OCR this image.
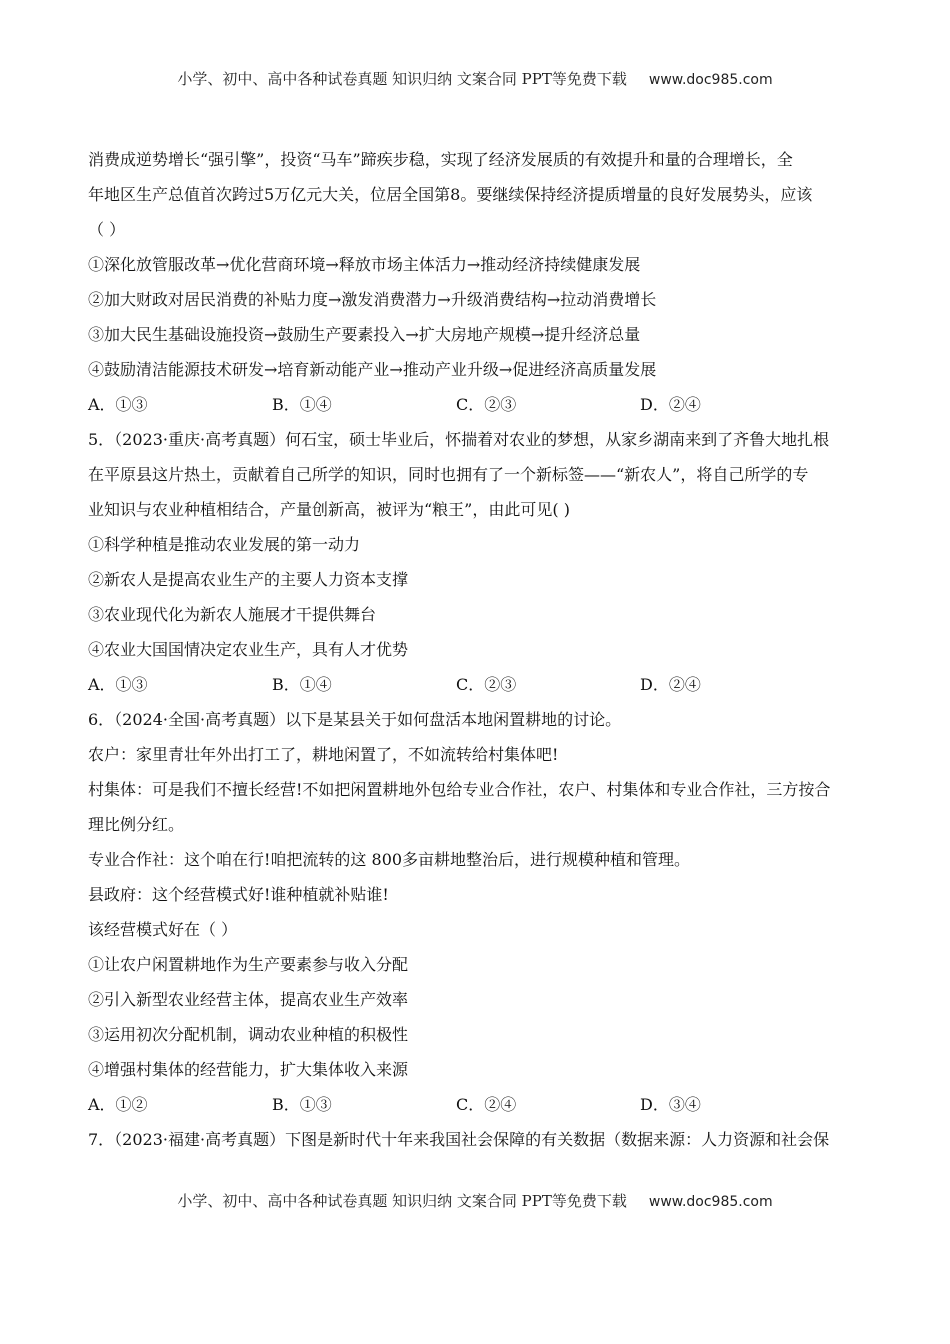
小学、初中、高中各种试卷真题 知识归纳 文案合同 PPT等免费下载 www.doc985.com
消费成逆势增长“强引擎”，投资“马车”蹄疾步稳，实现了经济发展质的有效提升和量的合理增长，全
年地区生产总值首次跨过5万亿元大关，位居全国第8。要继续保持经济提质增量的良好发展势头，应该
（ ）
①深化放管服改革→优化营商环境→释放市场主体活力→推动经济持续健康发展
②加大财政对居民消费的补贴力度→激发消费潜力→升级消费结构→拉动消费增长
③加大民生基础设施投资→鼓励生产要素投入→扩大房地产规模→提升经济总量
④鼓励清洁能源技术研发→培育新动能产业→推动产业升级→促进经济高质量发展
A．①③	B．①④	C．②③	D．②④
5．（2023·重庆·高考真题）何石宝，硕士毕业后，怀揣着对农业的梦想，从家乡湖南来到了齐鲁大地扎根
在平原县这片热土，贡献着自己所学的知识，同时也拥有了一个新标签——“新农人”，将自己所学的专
业知识与农业种植相结合，产量创新高，被评为“粮王”，由此可见( )
①科学种植是推动农业发展的第一动力
②新农人是提高农业生产的主要人力资本支撑
③农业现代化为新农人施展才干提供舞台
④农业大国国情决定农业生产，具有人才优势
A．①③	B．①④	C．②③	D．②④
6．（2024·全国·高考真题）以下是某县关于如何盘活本地闲置耕地的讨论。
农户：家里青壮年外出打工了，耕地闲置了，不如流转给村集体吧!
村集体：可是我们不擅长经营!不如把闲置耕地外包给专业合作社，农户、村集体和专业合作社，三方按合
理比例分红。
专业合作社：这个咱在行!咱把流转的这 800多亩耕地整治后，进行规模种植和管理。
县政府：这个经营模式好!谁种植就补贴谁!
该经营模式好在（ ）
①让农户闲置耕地作为生产要素参与收入分配
②引入新型农业经营主体，提高农业生产效率
③运用初次分配机制，调动农业种植的积极性
④增强村集体的经营能力，扩大集体收入来源
A．①②	B．①③	C．②④	D．③④
7．（2023·福建·高考真题）下图是新时代十年来我国社会保障的有关数据（数据来源：人力资源和社会保
小学、初中、高中各种试卷真题 知识归纳 文案合同 PPT等免费下载 www.doc985.com
